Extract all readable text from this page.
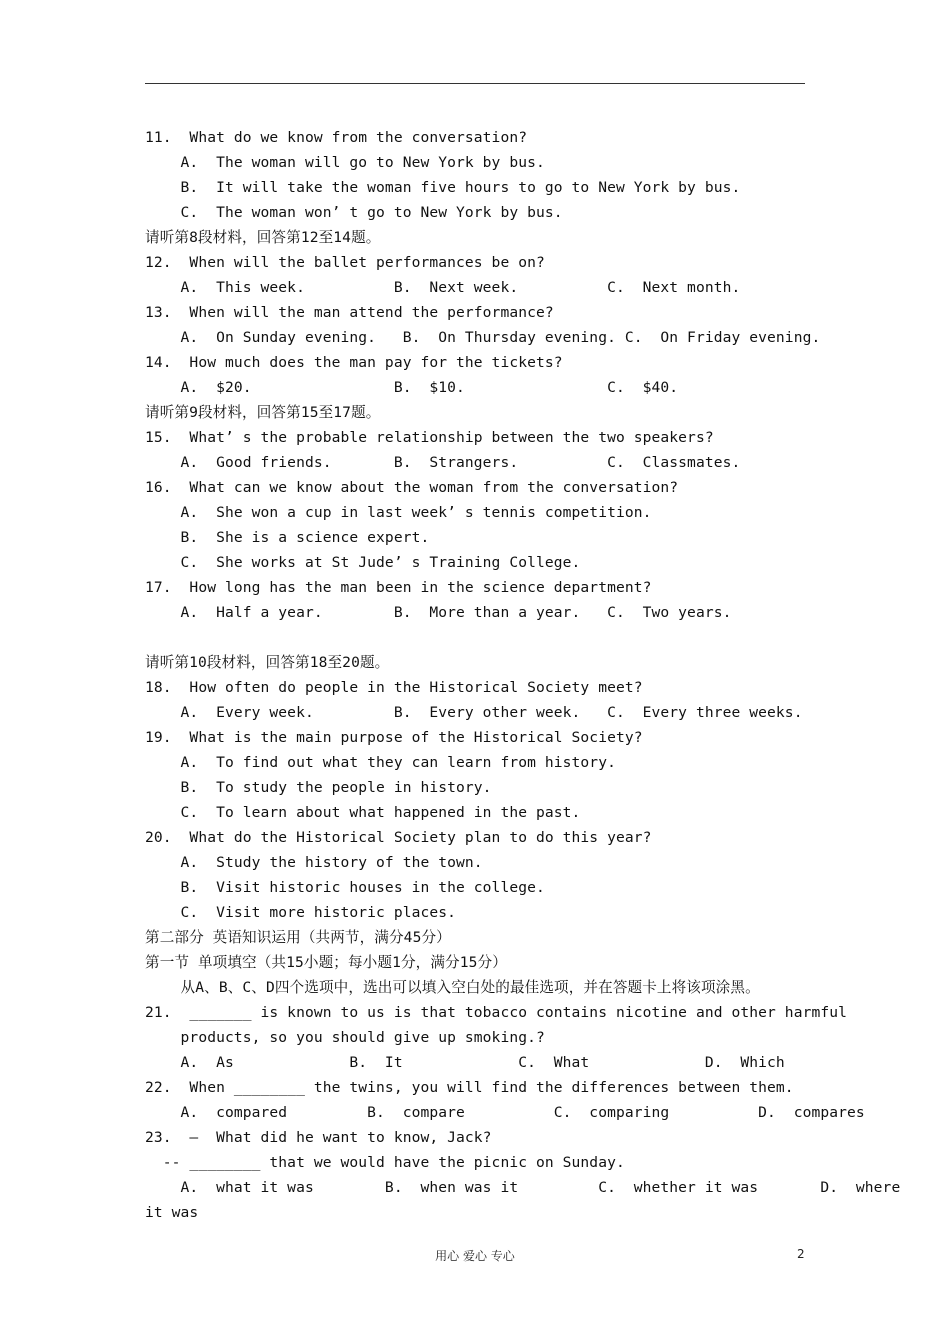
11.  What do we know from the conversation?
A.  The woman will go to New York by bus.
B.  It will take the woman five hours to go to New York by bus.
C.  The woman won’ t go to New York by bus.
请听第8段材料，回答第12至14题。
12.  When will the ballet performances be on?
A.  This week.          B.  Next week.          C.  Next month.
13.  When will the man attend the performance?
A.  On Sunday evening.   B.  On Thursday evening. C.  On Friday evening.
14.  How much does the man pay for the tickets?
A.  $20.                B.  $10.                C.  $40.
请听第9段材料，回答第15至17题。
15.  What’ s the probable relationship between the two speakers?
A.  Good friends.       B.  Strangers.          C.  Classmates.
16.  What can we know about the woman from the conversation?
A.  She won a cup in last week’ s tennis competition.
B.  She is a science expert.
C.  She works at St Jude’ s Training College.
17.  How long has the man been in the science department?
A.  Half a year.        B.  More than a year.   C.  Two years.
请听第10段材料，回答第18至20题。
18.  How often do people in the Historical Society meet?
A.  Every week.         B.  Every other week.   C.  Every three weeks.
19.  What is the main purpose of the Historical Society?
A.  To find out what they can learn from history.
B.  To study the people in history.
C.  To learn about what happened in the past.
20.  What do the Historical Society plan to do this year?
A.  Study the history of the town.
B.  Visit historic houses in the college.
C.  Visit more historic places.
第二部分 英语知识运用（共两节，满分45分）
第一节 单项填空（共15小题；每小题1分，满分15分）
从A、B、C、D四个选项中，选出可以填入空白处的最佳选项，并在答题卡上将该项涂黑。
21.  _______ is known to us is that tobacco contains nicotine and other harmful
products, so you should give up smoking.?
A.  As             B.  It             C.  What             D.  Which
22.  When ________ the twins, you will find the differences between them.
A.  compared         B.  compare          C.  comparing          D.  compares
23.  –  What did he want to know, Jack?
-- ________ that we would have the picnic on Sunday.
A.  what it was        B.  when was it         C.  whether it was       D.  where
it was
用心 爱心 专心	2
